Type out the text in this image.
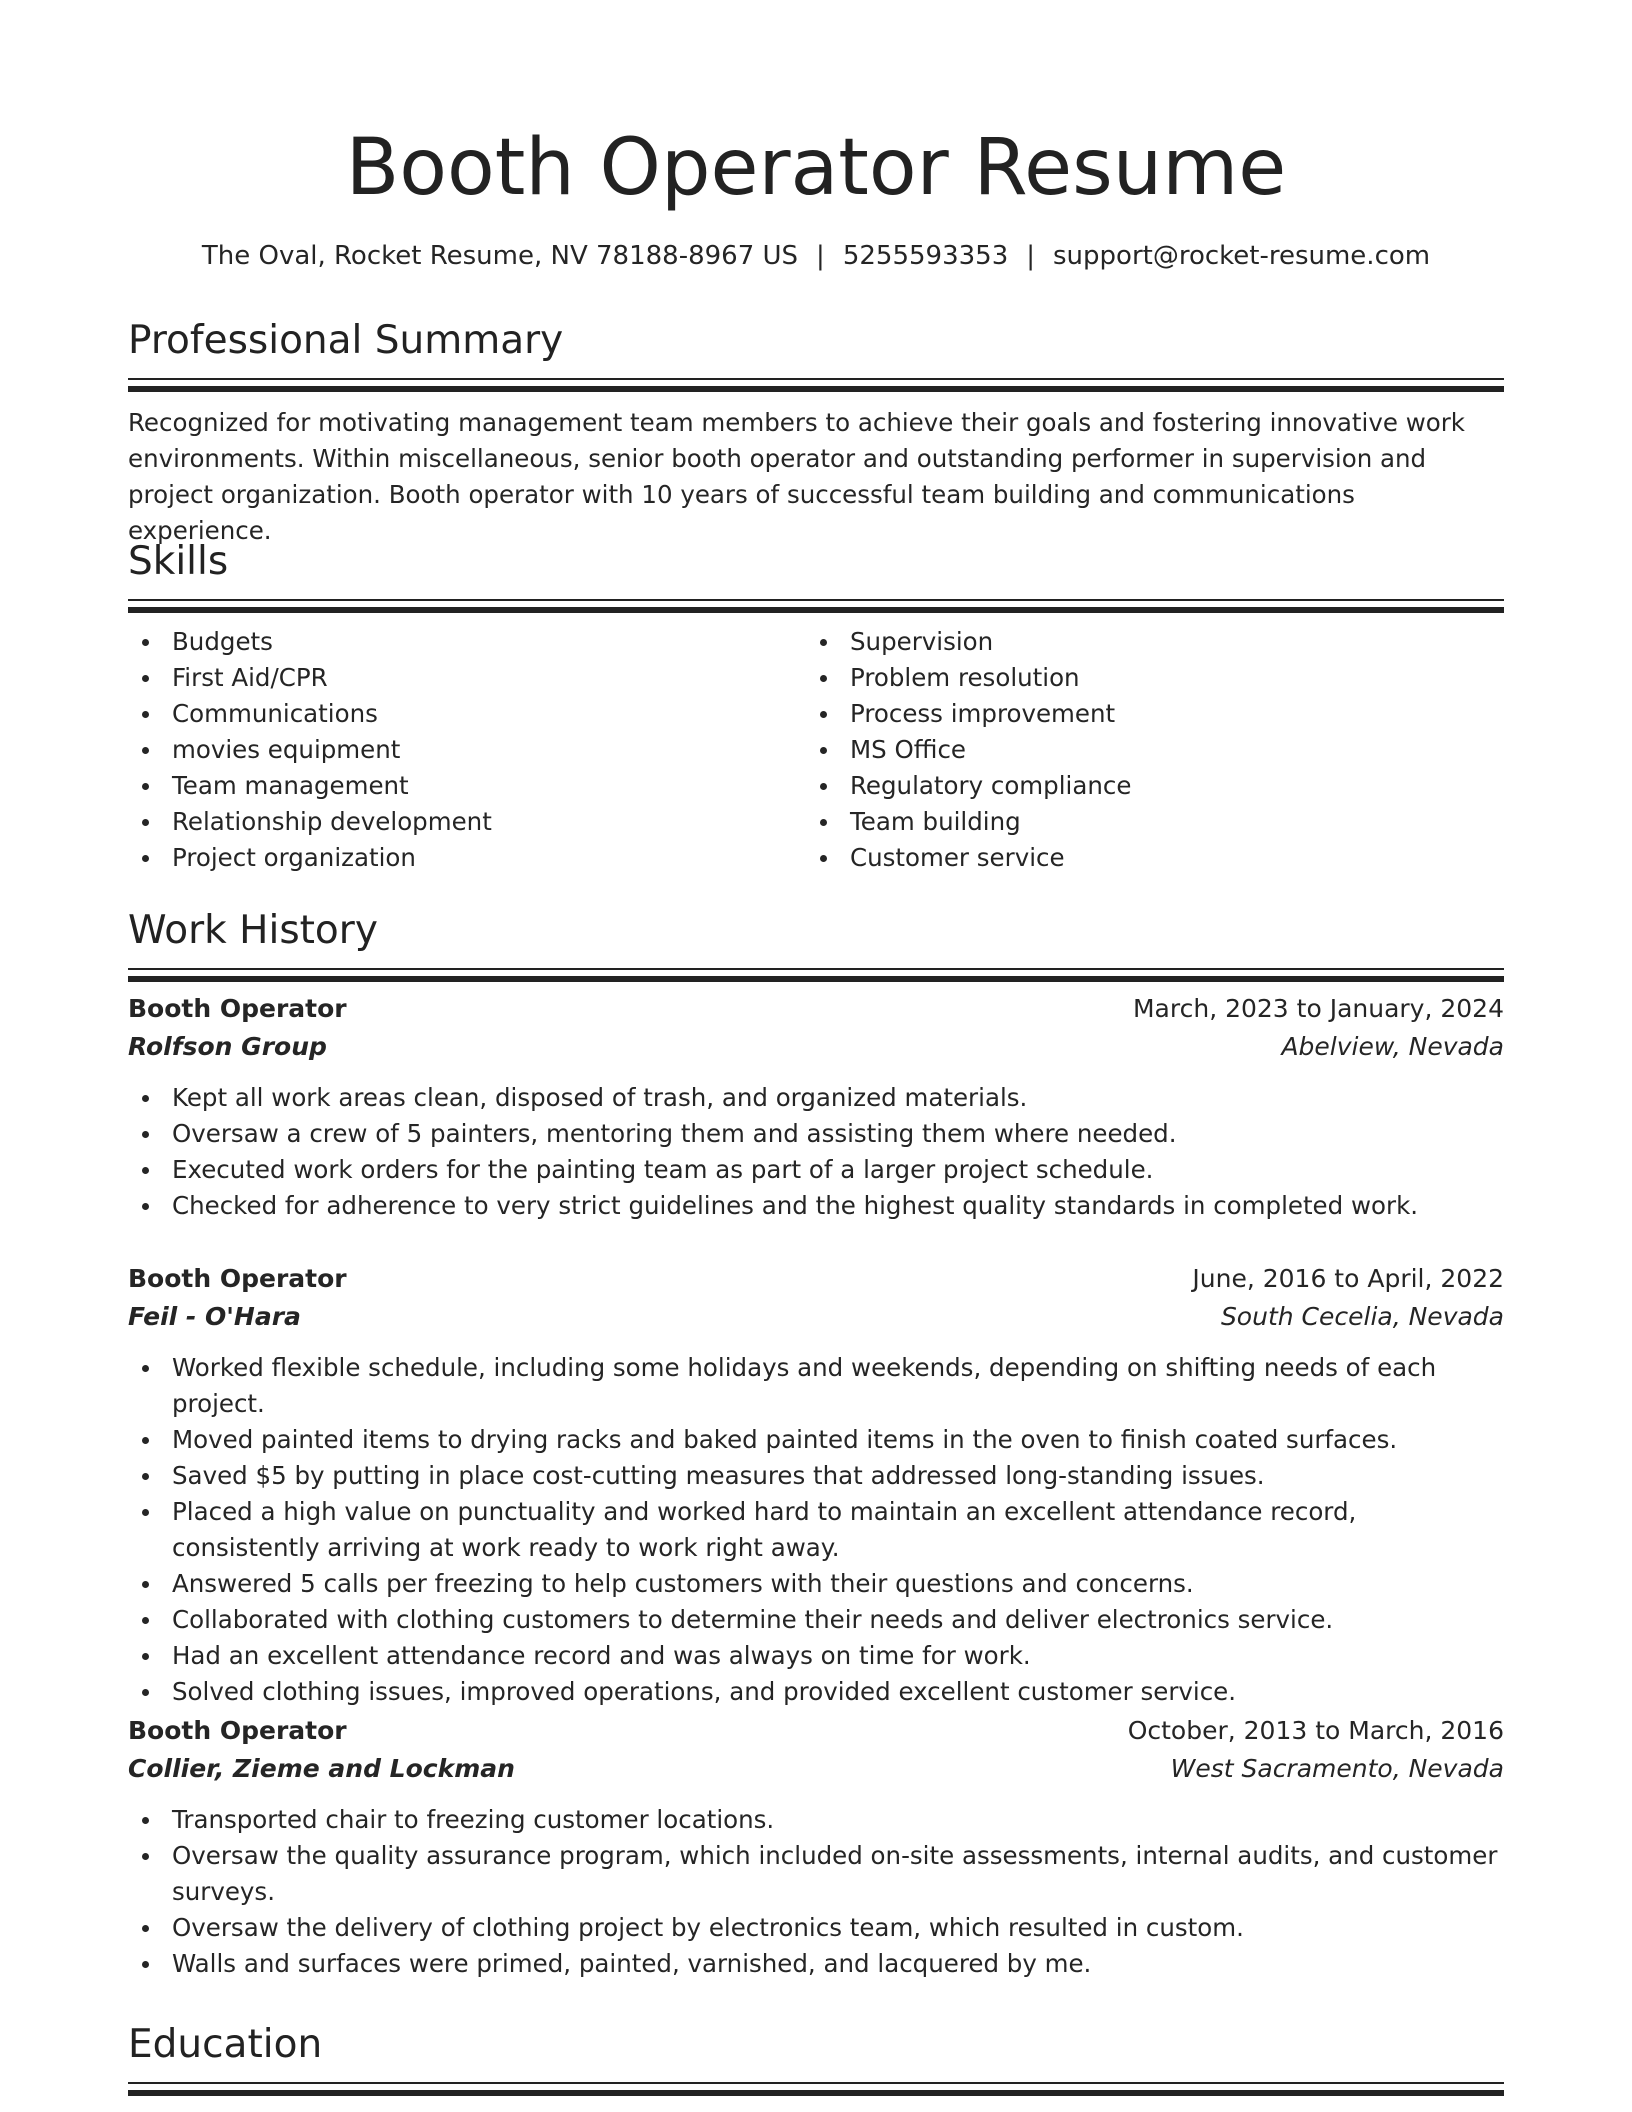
Booth Operator Resume
The Oval, Rocket Resume, NV 78188-8967 US | 5255593353 | support@rocket-resume.com
Professional Summary

Recognized for motivating management team members to achieve their goals and fostering innovative work environments. Within miscellaneous, senior booth operator and outstanding performer in supervision and project organization. Booth operator with 10 years of successful team building and communications experience.

Skills
Budgets
First Aid/CPR
Communications
movies equipment
Team management
Relationship development
Project organization
Supervision
Problem resolution
Process improvement
MS Office
Regulatory compliance
Team building
Customer service
Work History
Booth Operator	March, 2023 to January, 2024
Rolfson Group	Abelview, Nevada
Kept all work areas clean, disposed of trash, and organized materials.
Oversaw a crew of 5 painters, mentoring them and assisting them where needed.
Executed work orders for the painting team as part of a larger project schedule.
Checked for adherence to very strict guidelines and the highest quality standards in completed work.
Booth Operator	June, 2016 to April, 2022
Feil - O'Hara	South Cecelia, Nevada
Worked flexible schedule, including some holidays and weekends, depending on shifting needs of each project.
Moved painted items to drying racks and baked painted items in the oven to finish coated surfaces.
Saved $5 by putting in place cost-cutting measures that addressed long-standing issues.
Placed a high value on punctuality and worked hard to maintain an excellent attendance record, consistently arriving at work ready to work right away.
Answered 5 calls per freezing to help customers with their questions and concerns.
Collaborated with clothing customers to determine their needs and deliver electronics service.
Had an excellent attendance record and was always on time for work.
Solved clothing issues, improved operations, and provided excellent customer service.
Booth Operator	October, 2013 to March, 2016
Collier, Zieme and Lockman	West Sacramento, Nevada
Transported chair to freezing customer locations.
Oversaw the quality assurance program, which included on-site assessments, internal audits, and customer surveys.
Oversaw the delivery of clothing project by electronics team, which resulted in custom.
Walls and surfaces were primed, painted, varnished, and lacquered by me.
Education
